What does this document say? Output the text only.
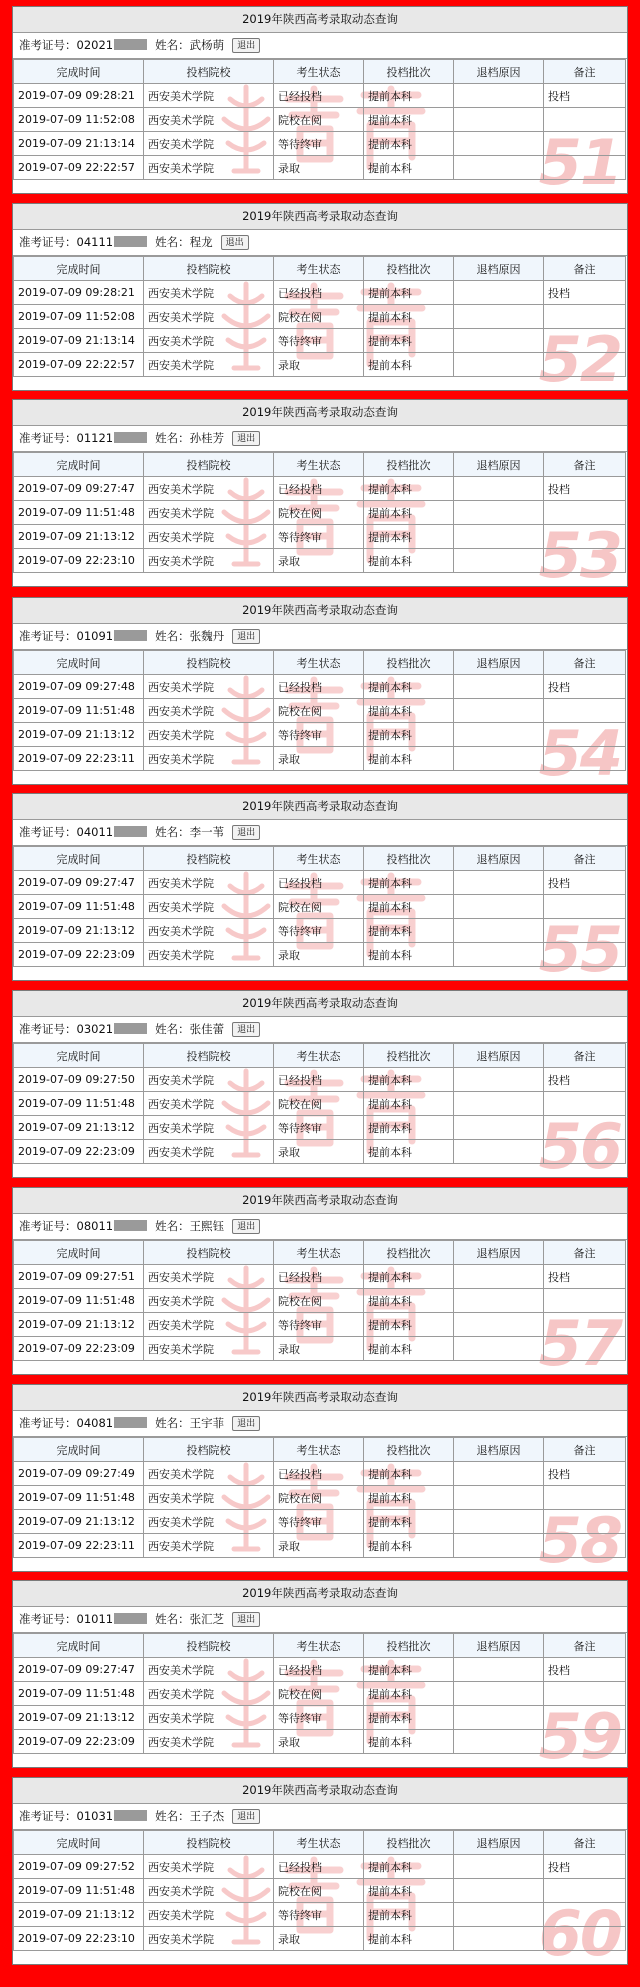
2019年陕西高考录取动态查询
准考证号：02021	姓名：武杨萌 退出
完成时间	投档院校	考生状态	投档批次	退档原因	备注
2019-07-09 09:28:21	西安美术学院	已经投档	提前本科		投档
2019-07-09 11:52:08	西安美术学院	院校在阅	提前本科		
2019-07-09 21:13:14	西安美术学院	等待终审	提前本科		
2019-07-09 22:22:57	西安美术学院	录取	提前本科		51
2019年陕西高考录取动态查询
准考证号：04111	姓名：程龙 退出
完成时间	投档院校	考生状态	投档批次	退档原因	备注
2019-07-09 09:28:21	西安美术学院	已经投档	提前本科		投档
2019-07-09 11:52:08	西安美术学院	院校在阅	提前本科		
2019-07-09 21:13:14	西安美术学院	等待终审	提前本科		
2019-07-09 22:22:57	西安美术学院	录取	提前本科		52
2019年陕西高考录取动态查询
准考证号：01121	姓名：孙桂芳 退出
完成时间	投档院校	考生状态	投档批次	退档原因	备注
2019-07-09 09:27:47	西安美术学院	已经投档	提前本科		投档
2019-07-09 11:51:48	西安美术学院	院校在阅	提前本科		
2019-07-09 21:13:12	西安美术学院	等待终审	提前本科		
2019-07-09 22:23:10	西安美术学院	录取	提前本科		53
2019年陕西高考录取动态查询
准考证号：01091	姓名：张魏丹 退出
完成时间	投档院校	考生状态	投档批次	退档原因	备注
2019-07-09 09:27:48	西安美术学院	已经投档	提前本科		投档
2019-07-09 11:51:48	西安美术学院	院校在阅	提前本科		
2019-07-09 21:13:12	西安美术学院	等待终审	提前本科		
2019-07-09 22:23:11	西安美术学院	录取	提前本科		54
2019年陕西高考录取动态查询
准考证号：04011	姓名：李一苇 退出
完成时间	投档院校	考生状态	投档批次	退档原因	备注
2019-07-09 09:27:47	西安美术学院	已经投档	提前本科		投档
2019-07-09 11:51:48	西安美术学院	院校在阅	提前本科		
2019-07-09 21:13:12	西安美术学院	等待终审	提前本科		
2019-07-09 22:23:09	西安美术学院	录取	提前本科		55
2019年陕西高考录取动态查询
准考证号：03021	姓名：张佳蕾 退出
完成时间	投档院校	考生状态	投档批次	退档原因	备注
2019-07-09 09:27:50	西安美术学院	已经投档	提前本科		投档
2019-07-09 11:51:48	西安美术学院	院校在阅	提前本科		
2019-07-09 21:13:12	西安美术学院	等待终审	提前本科		
2019-07-09 22:23:09	西安美术学院	录取	提前本科		56
2019年陕西高考录取动态查询
准考证号：08011	姓名：王熙钰 退出
完成时间	投档院校	考生状态	投档批次	退档原因	备注
2019-07-09 09:27:51	西安美术学院	已经投档	提前本科		投档
2019-07-09 11:51:48	西安美术学院	院校在阅	提前本科		
2019-07-09 21:13:12	西安美术学院	等待终审	提前本科		
2019-07-09 22:23:09	西安美术学院	录取	提前本科		57
2019年陕西高考录取动态查询
准考证号：04081	姓名：王宇菲 退出
完成时间	投档院校	考生状态	投档批次	退档原因	备注
2019-07-09 09:27:49	西安美术学院	已经投档	提前本科		投档
2019-07-09 11:51:48	西安美术学院	院校在阅	提前本科		
2019-07-09 21:13:12	西安美术学院	等待终审	提前本科		
2019-07-09 22:23:11	西安美术学院	录取	提前本科		58
2019年陕西高考录取动态查询
准考证号：01011	姓名：张汇芝 退出
完成时间	投档院校	考生状态	投档批次	退档原因	备注
2019-07-09 09:27:47	西安美术学院	已经投档	提前本科		投档
2019-07-09 11:51:48	西安美术学院	院校在阅	提前本科		
2019-07-09 21:13:12	西安美术学院	等待终审	提前本科		
2019-07-09 22:23:09	西安美术学院	录取	提前本科		59
2019年陕西高考录取动态查询
准考证号：01031	姓名：王子杰 退出
完成时间	投档院校	考生状态	投档批次	退档原因	备注
2019-07-09 09:27:52	西安美术学院	已经投档	提前本科		投档
2019-07-09 11:51:48	西安美术学院	院校在阅	提前本科		
2019-07-09 21:13:12	西安美术学院	等待终审	提前本科		
2019-07-09 22:23:10	西安美术学院	录取	提前本科		60
